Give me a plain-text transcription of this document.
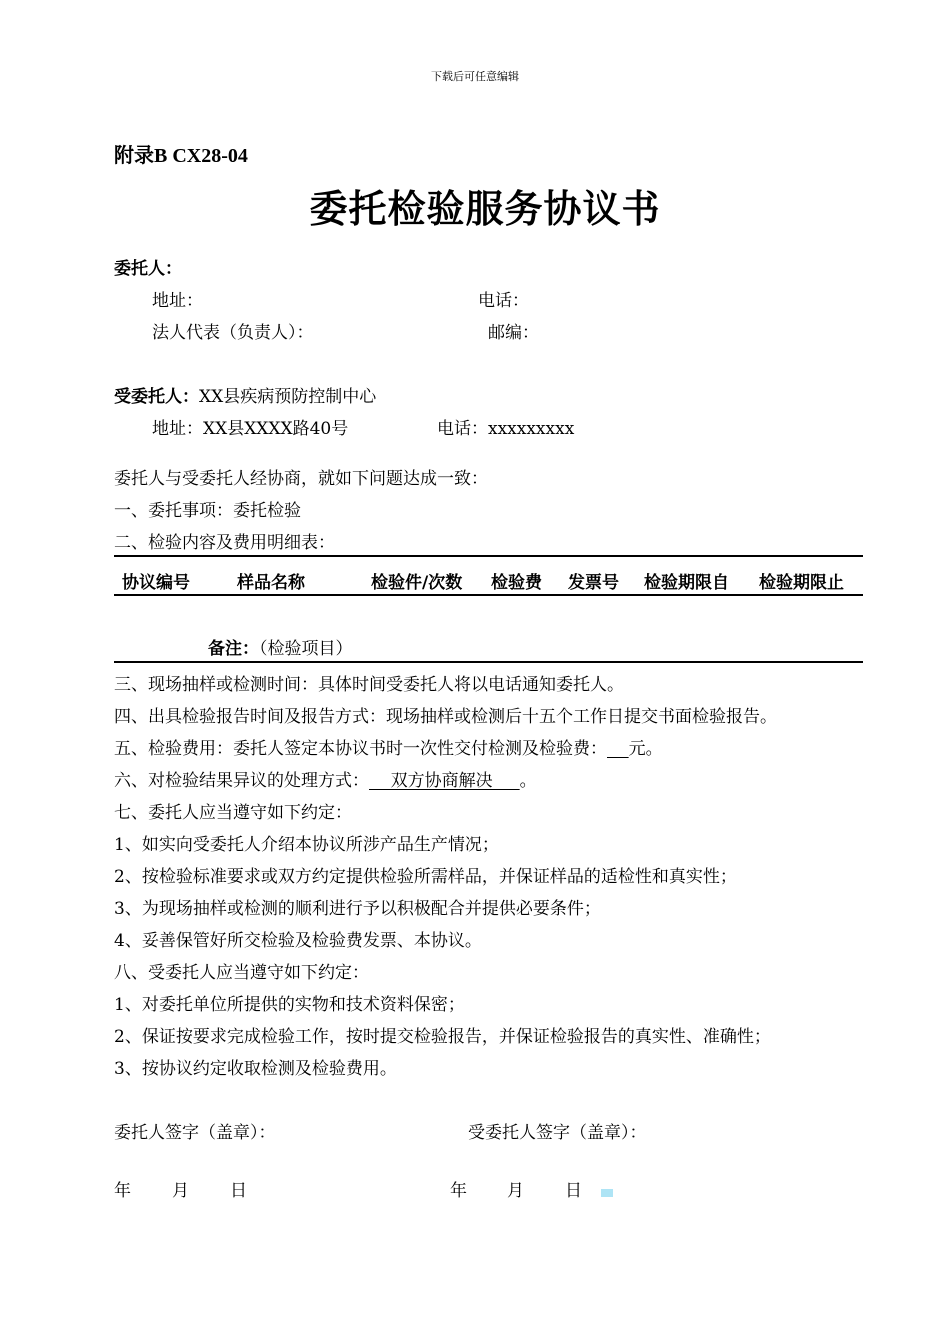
下载后可任意编辑
附录B CX28-04
委托检验服务协议书
委托人：
地址：	电话：
法人代表（负责人）：	邮编：
受委托人：XX县疾病预防控制中心
地址：XX县XXXX路40号	电话：xxxxxxxxx
委托人与受委托人经协商，就如下问题达成一致：
一、委托事项：委托检验
二、检验内容及费用明细表：
协议编号	样品名称	检验件/次数 检验费 发票号 检验期限自 检验期限止
备注：（检验项目）
三、现场抽样或检测时间：具体时间受委托人将以电话通知委托人。
四、出具检验报告时间及报告方式：现场抽样或检测后十五个工作日提交书面检验报告。
五、检验费用：委托人签定本协议书时一次性交付检测及检验费： 元。
六、对检验结果异议的处理方式：    双方协商解决     。
七、委托人应当遵守如下约定：
1、如实向受委托人介绍本协议所涉产品生产情况；
2、按检验标准要求或双方约定提供检验所需样品，并保证样品的适检性和真实性；
3、为现场抽样或检测的顺利进行予以积极配合并提供必要条件；
4、妥善保管好所交检验及检验费发票、本协议。
八、受委托人应当遵守如下约定：
1、对委托单位所提供的实物和技术资料保密；
2、保证按要求完成检验工作，按时提交检验报告，并保证检验报告的真实性、准确性；
3、按协议约定收取检测及检验费用。
委托人签字（盖章）：	受委托人签字（盖章）：
年 月 日	年 月 日
